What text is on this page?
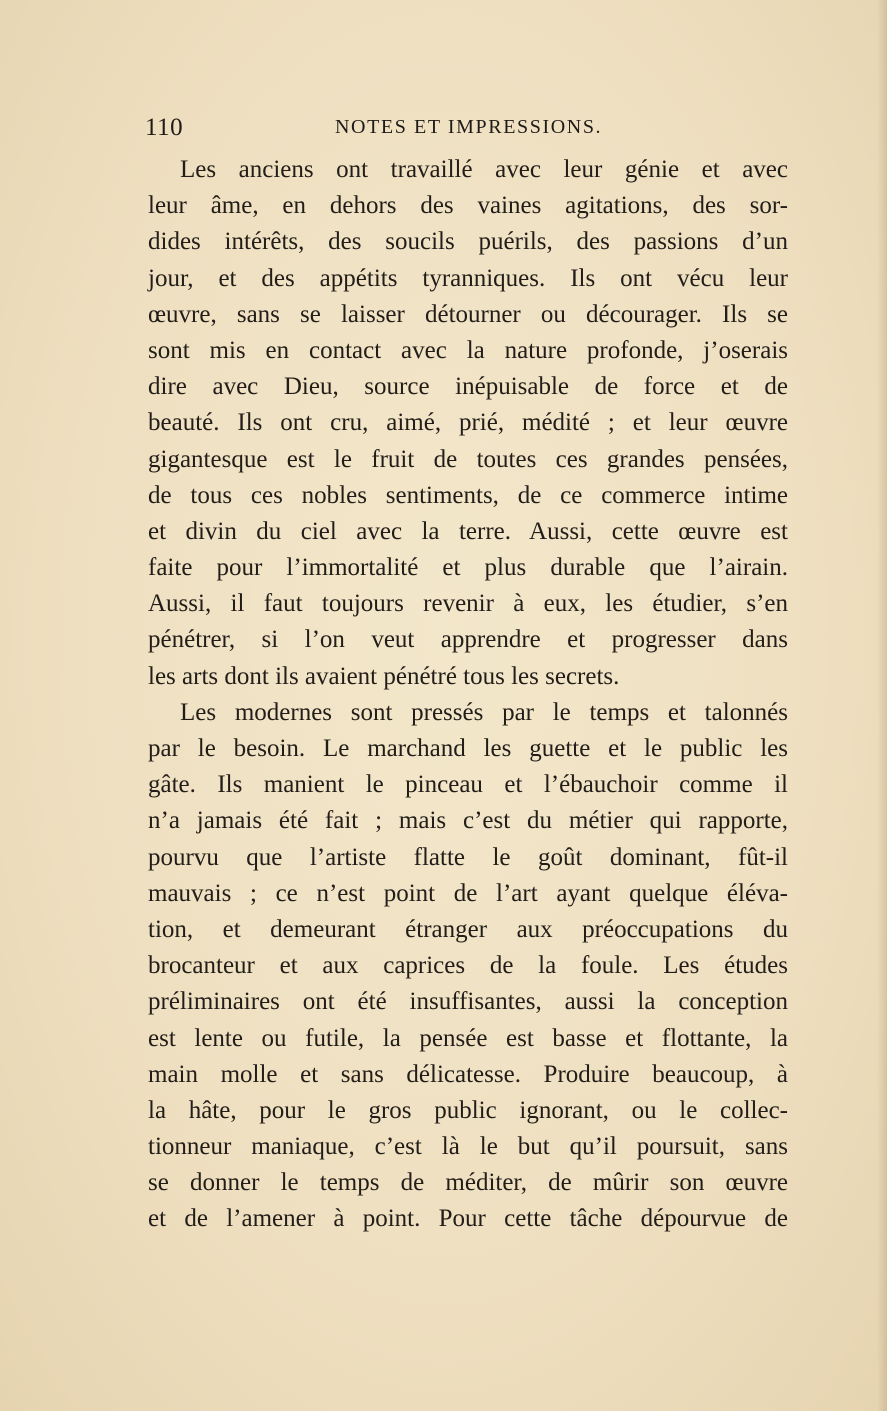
110	NOTES ET IMPRESSIONS.
Les anciens ont travaillé avec leur génie et avec
leur âme, en dehors des vaines agitations, des sor-
dides intérêts, des soucils puérils, des passions d’un
jour, et des appétits tyranniques. Ils ont vécu leur
œuvre, sans se laisser détourner ou décourager. Ils se
sont mis en contact avec la nature profonde, j’oserais
dire avec Dieu, source inépuisable de force et de
beauté. Ils ont cru, aimé, prié, médité ; et leur œuvre
gigantesque est le fruit de toutes ces grandes pensées,
de tous ces nobles sentiments, de ce commerce intime
et divin du ciel avec la terre. Aussi, cette œuvre est
faite pour l’immortalité et plus durable que l’airain.
Aussi, il faut toujours revenir à eux, les étudier, s’en
pénétrer, si l’on veut apprendre et progresser dans
les arts dont ils avaient pénétré tous les secrets.
Les modernes sont pressés par le temps et talonnés
par le besoin. Le marchand les guette et le public les
gâte. Ils manient le pinceau et l’ébauchoir comme il
n’a jamais été fait ; mais c’est du métier qui rapporte,
pourvu que l’artiste flatte le goût dominant, fût-il
mauvais ; ce n’est point de l’art ayant quelque éléva-
tion, et demeurant étranger aux préoccupations du
brocanteur et aux caprices de la foule. Les études
préliminaires ont été insuffisantes, aussi la conception
est lente ou futile, la pensée est basse et flottante, la
main molle et sans délicatesse. Produire beaucoup, à
la hâte, pour le gros public ignorant, ou le collec-
tionneur maniaque, c’est là le but qu’il poursuit, sans
se donner le temps de méditer, de mûrir son œuvre
et de l’amener à point. Pour cette tâche dépourvue de
